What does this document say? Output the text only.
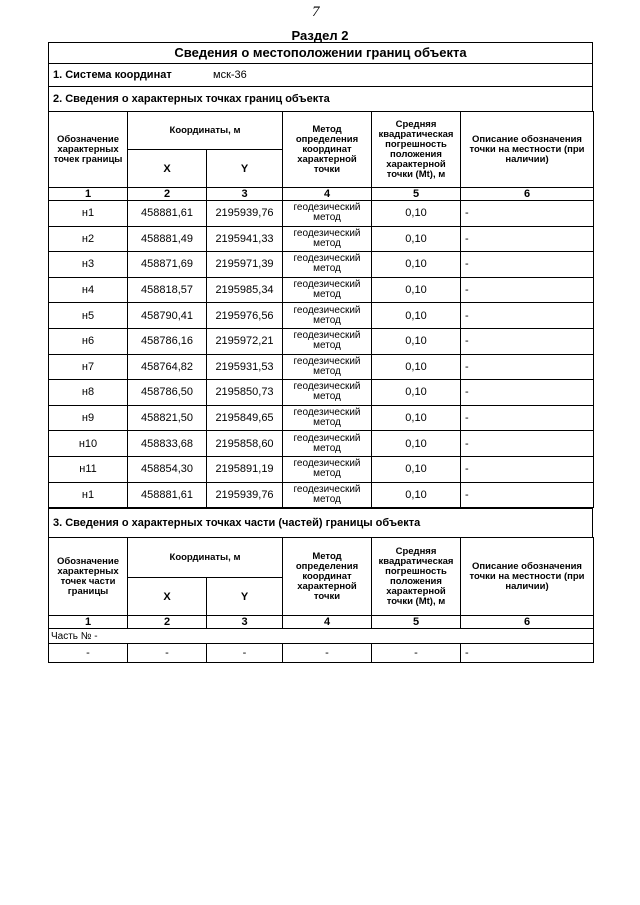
7
Раздел 2
Сведения о местоположении границ объекта
1. Система координат	мск-36
2. Сведения о характерных точках границ объекта
Обозначение характерных точек границы	Координаты, м		Метод определения координат характерной точки	Средняя квадратическая погрешность положения характерной точки (Mt), м	Описание обозначения точки на местности (при наличии)
	X	Y			
1	2	3	4	5	6
н1	458881,61	2195939,76	геодезический метод	0,10	-
н2	458881,49	2195941,33	геодезический метод	0,10	-
н3	458871,69	2195971,39	геодезический метод	0,10	-
н4	458818,57	2195985,34	геодезический метод	0,10	-
н5	458790,41	2195976,56	геодезический метод	0,10	-
н6	458786,16	2195972,21	геодезический метод	0,10	-
н7	458764,82	2195931,53	геодезический метод	0,10	-
н8	458786,50	2195850,73	геодезический метод	0,10	-
н9	458821,50	2195849,65	геодезический метод	0,10	-
н10	458833,68	2195858,60	геодезический метод	0,10	-
н11	458854,30	2195891,19	геодезический метод	0,10	-
н1	458881,61	2195939,76	геодезический метод	0,10	-
3. Сведения о характерных точках части (частей) границы объекта
Обозначение характерных точек части границы	Координаты, м		Метод определения координат характерной точки	Средняя квадратическая погрешность положения характерной точки (Mt), м	Описание обозначения точки на местности (при наличии)
	X	Y			
1	2	3	4	5	6
Часть № -					
-	-	-	-	-	-
